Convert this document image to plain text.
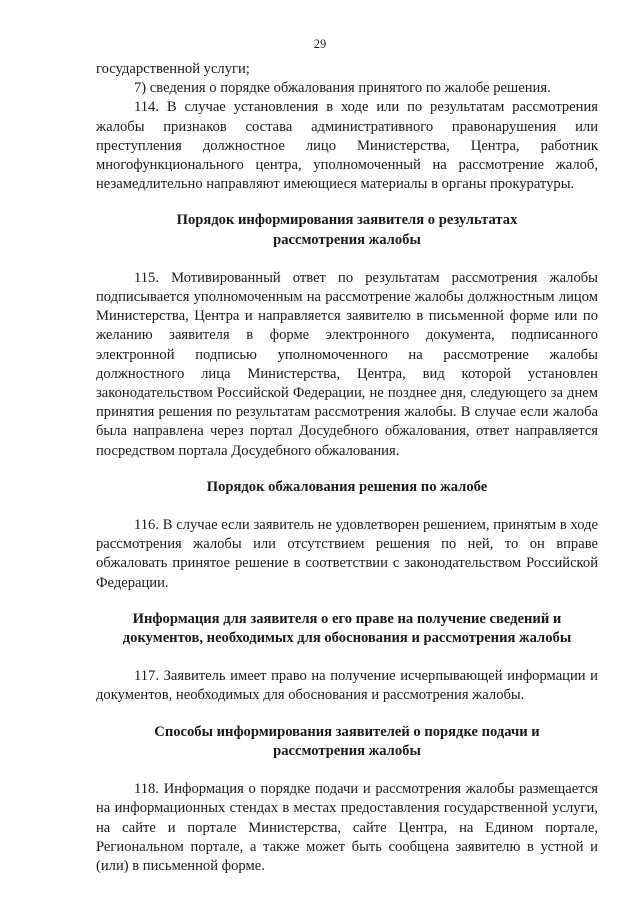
29

государственной услуги;

7) сведения о порядке обжалования принятого по жалобе решения.

114. В случае установления в ходе или по результатам рассмотрения жалобы признаков состава административного правонарушения или преступления должностное лицо Министерства, Центра, работник многофункционального центра, уполномоченный на рассмотрение жалоб, незамедлительно направляют имеющиеся материалы в органы прокуратуры.

Порядок информирования заявителя о результатах рассмотрения жалобы

115. Мотивированный ответ по результатам рассмотрения жалобы подписывается уполномоченным на рассмотрение жалобы должностным лицом Министерства, Центра и направляется заявителю в письменной форме или по желанию заявителя в форме электронного документа, подписанного электронной подписью уполномоченного на рассмотрение жалобы должностного лица Министерства, Центра, вид которой установлен законодательством Российской Федерации, не позднее дня, следующего за днем принятия решения по результатам рассмотрения жалобы. В случае если жалоба была направлена через портал Досудебного обжалования, ответ направляется посредством портала Досудебного обжалования.

Порядок обжалования решения по жалобе

116. В случае если заявитель не удовлетворен решением, принятым в ходе рассмотрения жалобы или отсутствием решения по ней, то он вправе обжаловать принятое решение в соответствии с законодательством Российской Федерации.

Информация для заявителя о его праве на получение сведений и документов, необходимых для обоснования и рассмотрения жалобы

117. Заявитель имеет право на получение исчерпывающей информации и документов, необходимых для обоснования и рассмотрения жалобы.

Способы информирования заявителей о порядке подачи и рассмотрения жалобы

118. Информация о порядке подачи и рассмотрения жалобы размещается на информационных стендах в местах предоставления государственной услуги, на сайте и портале Министерства, сайте Центра, на Едином портале, Региональном портале, а также может быть сообщена заявителю в устной и (или) в письменной форме.
